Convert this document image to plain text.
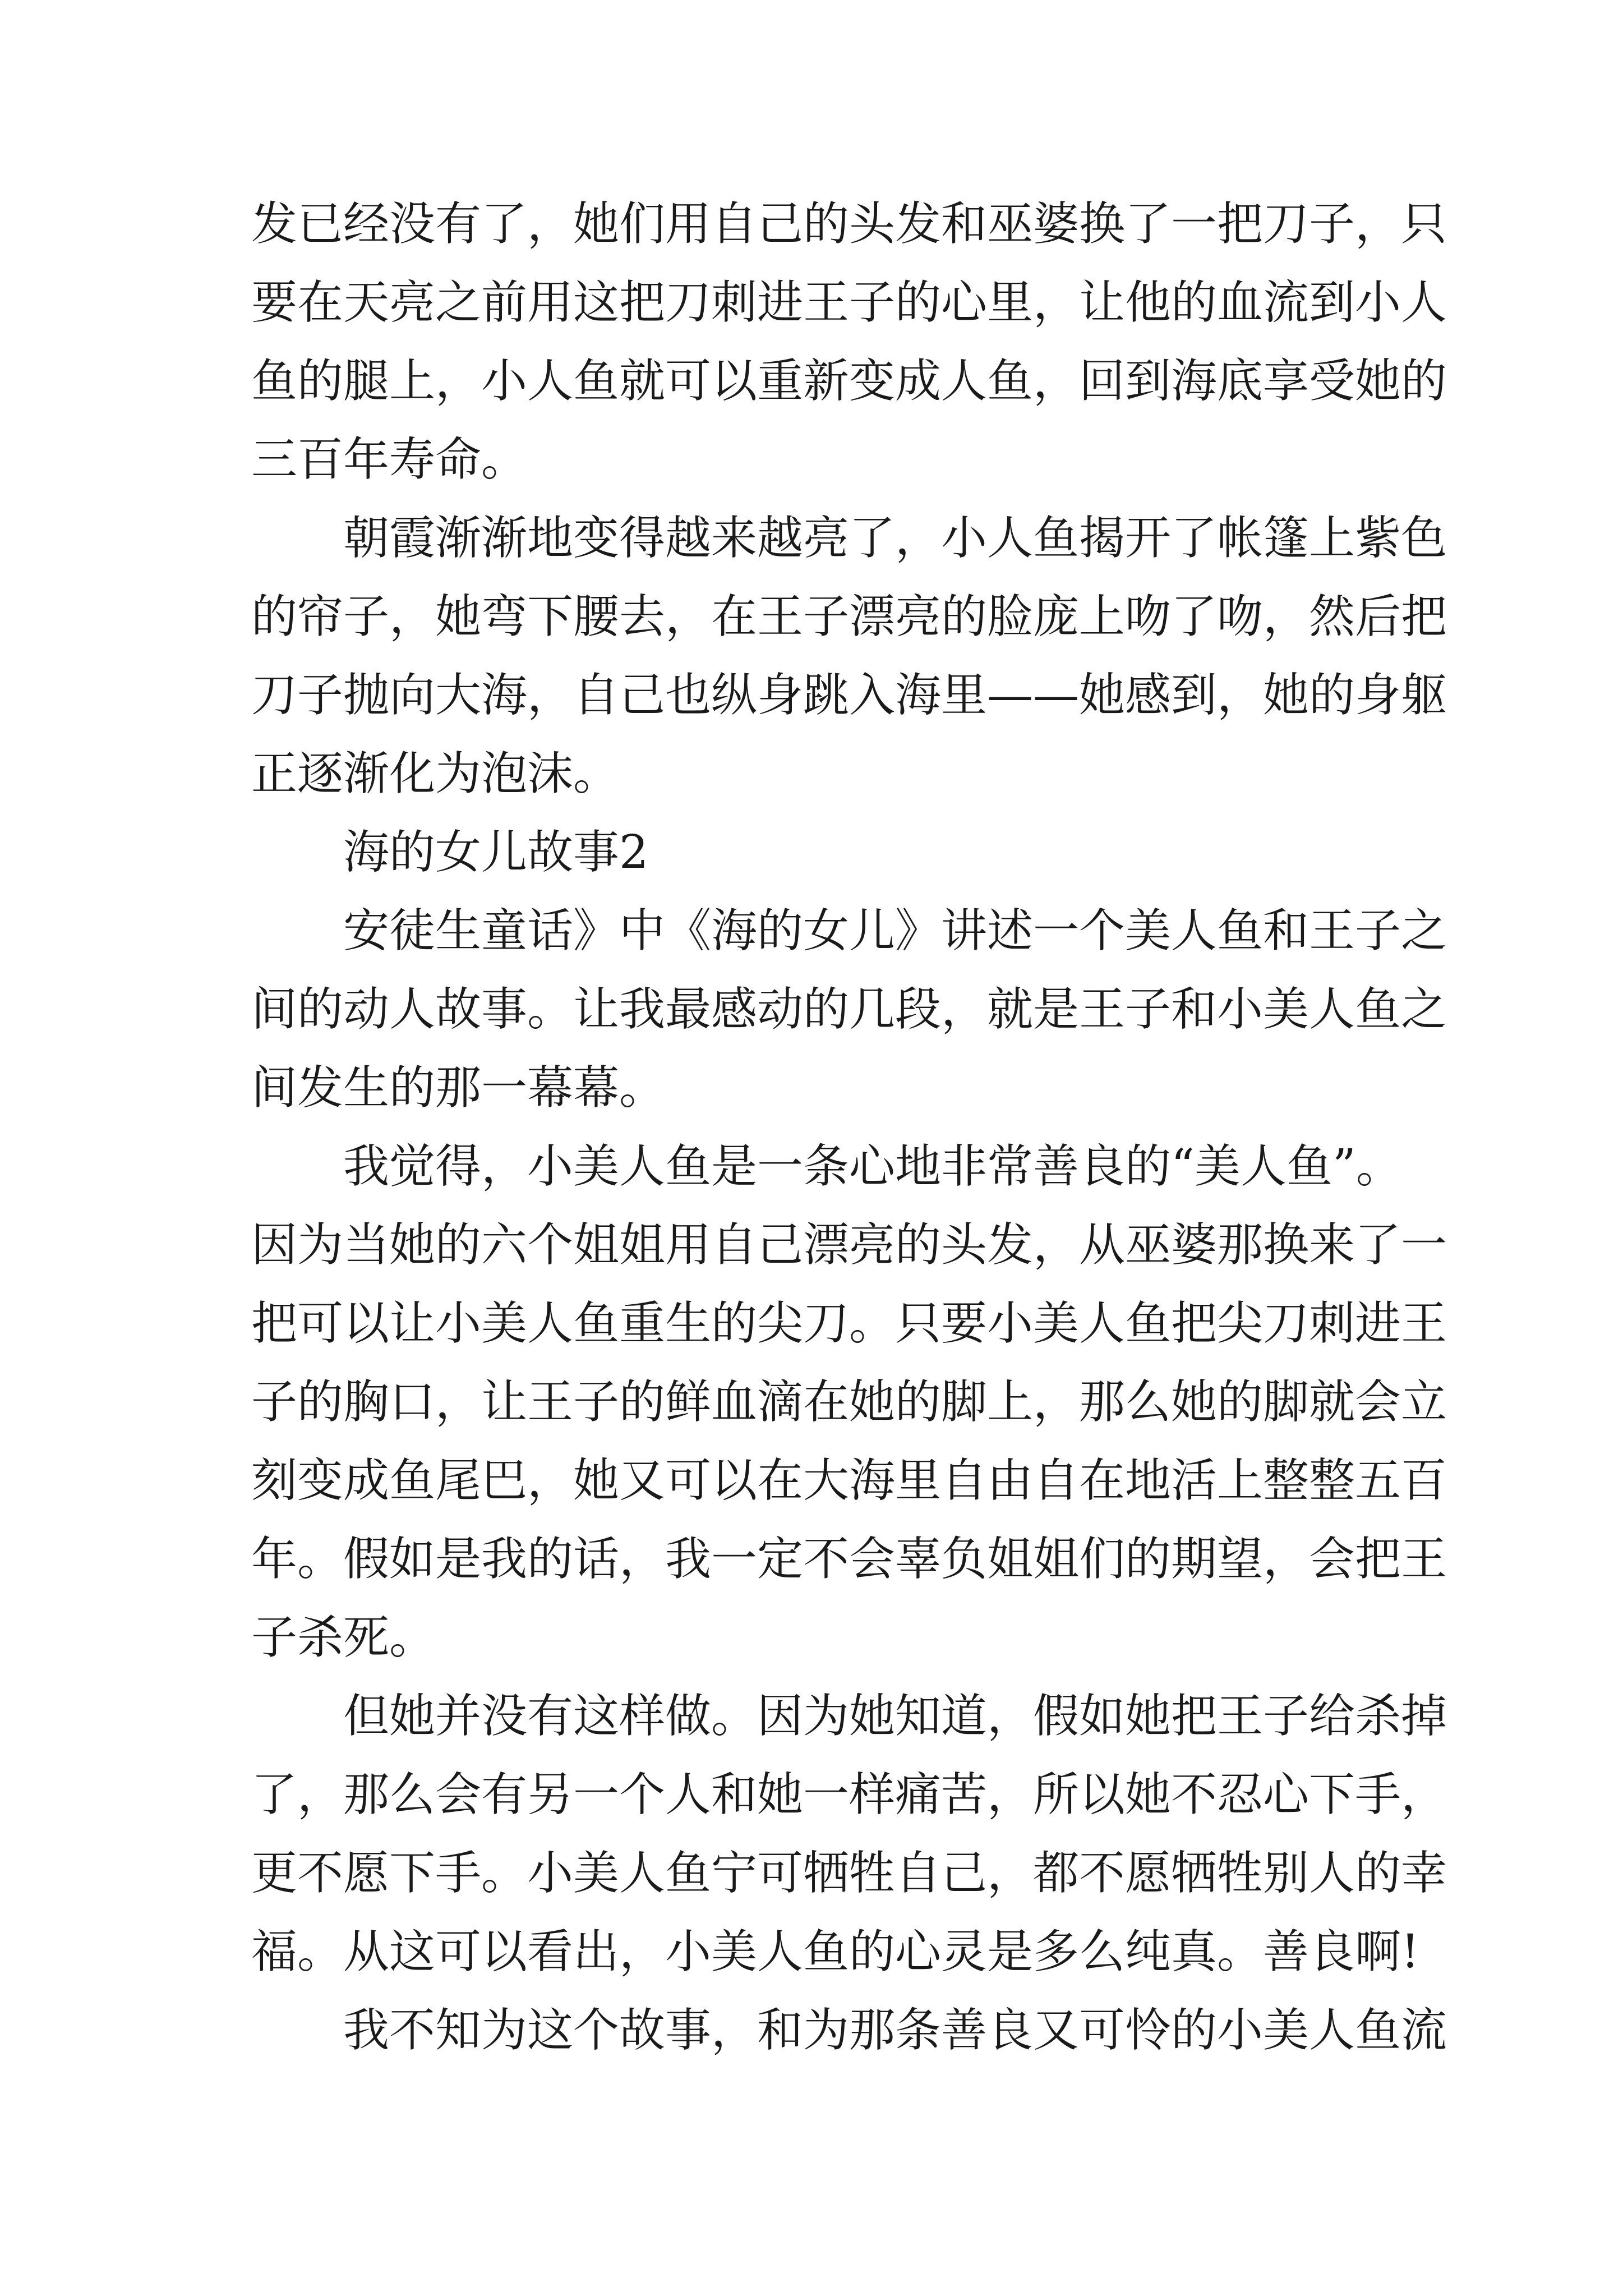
发已经没有了，她们用自己的头发和巫婆换了一把刀子，只
要在天亮之前用这把刀刺进王子的心里，让他的血流到小人
鱼的腿上，小人鱼就可以重新变成人鱼，回到海底享受她的
三百年寿命。
朝霞渐渐地变得越来越亮了，小人鱼揭开了帐篷上紫色
的帘子，她弯下腰去，在王子漂亮的脸庞上吻了吻，然后把
刀子抛向大海，自己也纵身跳入海里——她感到，她的身躯
正逐渐化为泡沫。
海的女儿故事2
安徒生童话》中《海的女儿》讲述一个美人鱼和王子之
间的动人故事。让我最感动的几段，就是王子和小美人鱼之
间发生的那一幕幕。
我觉得，小美人鱼是一条心地非常善良的“美人鱼”。
因为当她的六个姐姐用自己漂亮的头发，从巫婆那换来了一
把可以让小美人鱼重生的尖刀。只要小美人鱼把尖刀刺进王
子的胸口，让王子的鲜血滴在她的脚上，那么她的脚就会立
刻变成鱼尾巴，她又可以在大海里自由自在地活上整整五百
年。假如是我的话，我一定不会辜负姐姐们的期望，会把王
子杀死。
但她并没有这样做。因为她知道，假如她把王子给杀掉
了，那么会有另一个人和她一样痛苦，所以她不忍心下手，
更不愿下手。小美人鱼宁可牺牲自己，都不愿牺牲别人的幸
福。从这可以看出，小美人鱼的心灵是多么纯真。善良啊!
我不知为这个故事，和为那条善良又可怜的小美人鱼流
